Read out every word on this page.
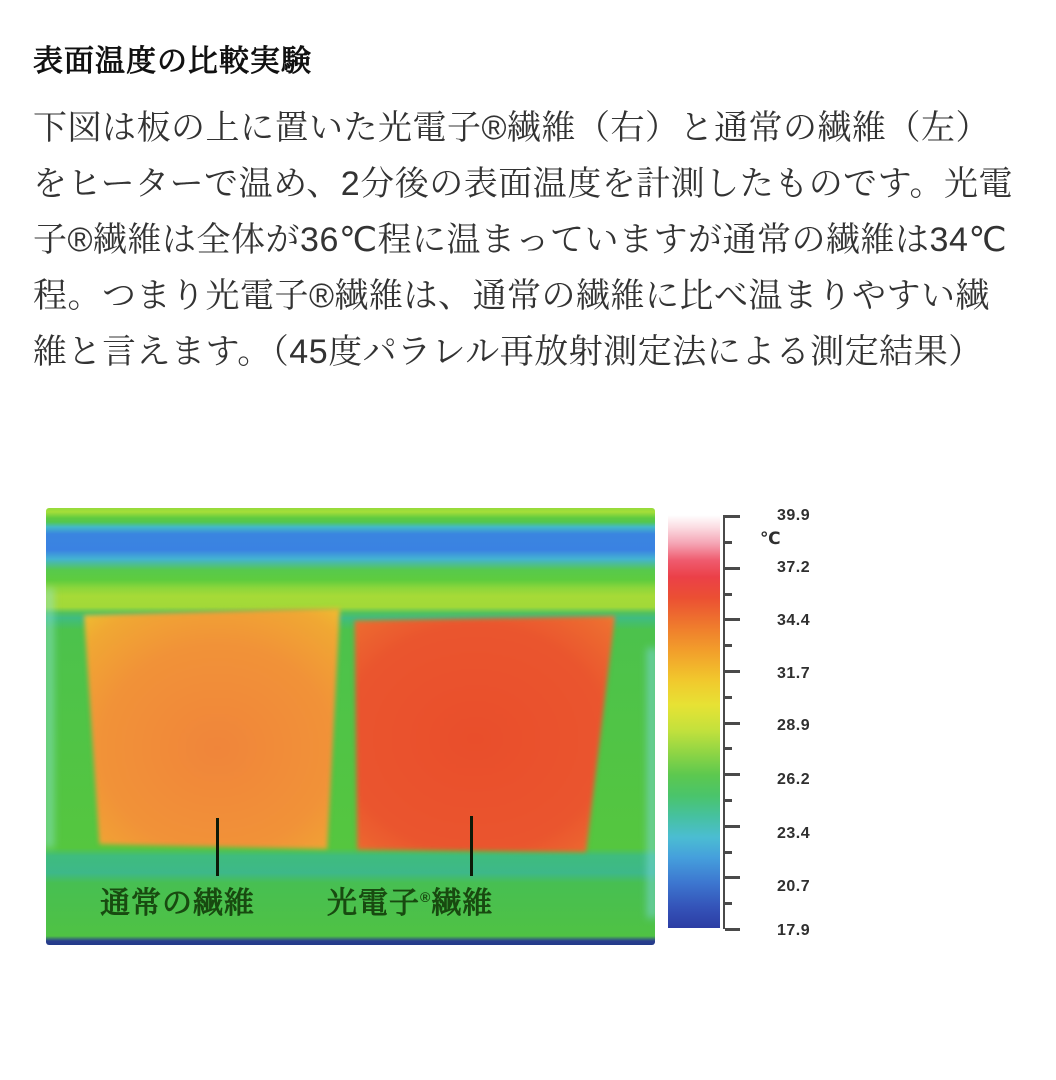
表面温度の比較実験
下図は板の上に置いた光電子®繊維（右）と通常の繊維（左）
をヒーターで温め、2分後の表面温度を計測したものです。光電
子®繊維は全体が36℃程に温まっていますが通常の繊維は34℃
程。つまり光電子®繊維は、通常の繊維に比べ温まりやすい繊
維と言えます。（45度パラレル再放射測定法による測定結果）
通常の繊維 光電子®繊維
℃
39.9
37.2
34.4
31.7
28.9
26.2
23.4
20.7
17.9
